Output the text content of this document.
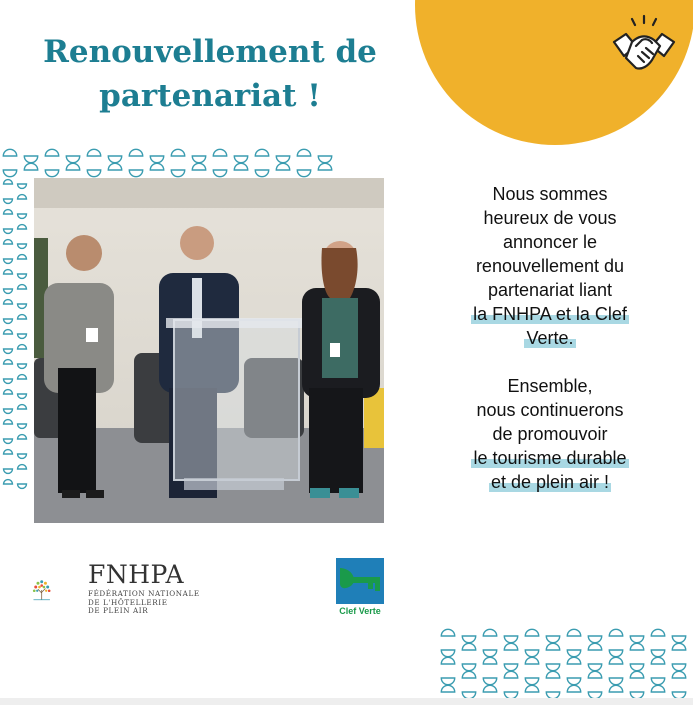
Renouvellement de
partenariat !

Nous sommes
heureux de vous
annoncer le
renouvellement du
partenariat liant
la FNHPA et la Clef
Verte.

Ensemble,
nous continuerons
de promouvoir
le tourisme durable
et de plein air !

FNHPA
FÉDÉRATION NATIONALE
DE L'HÔTELLERIE
DE PLEIN AIR	Clef Verte
